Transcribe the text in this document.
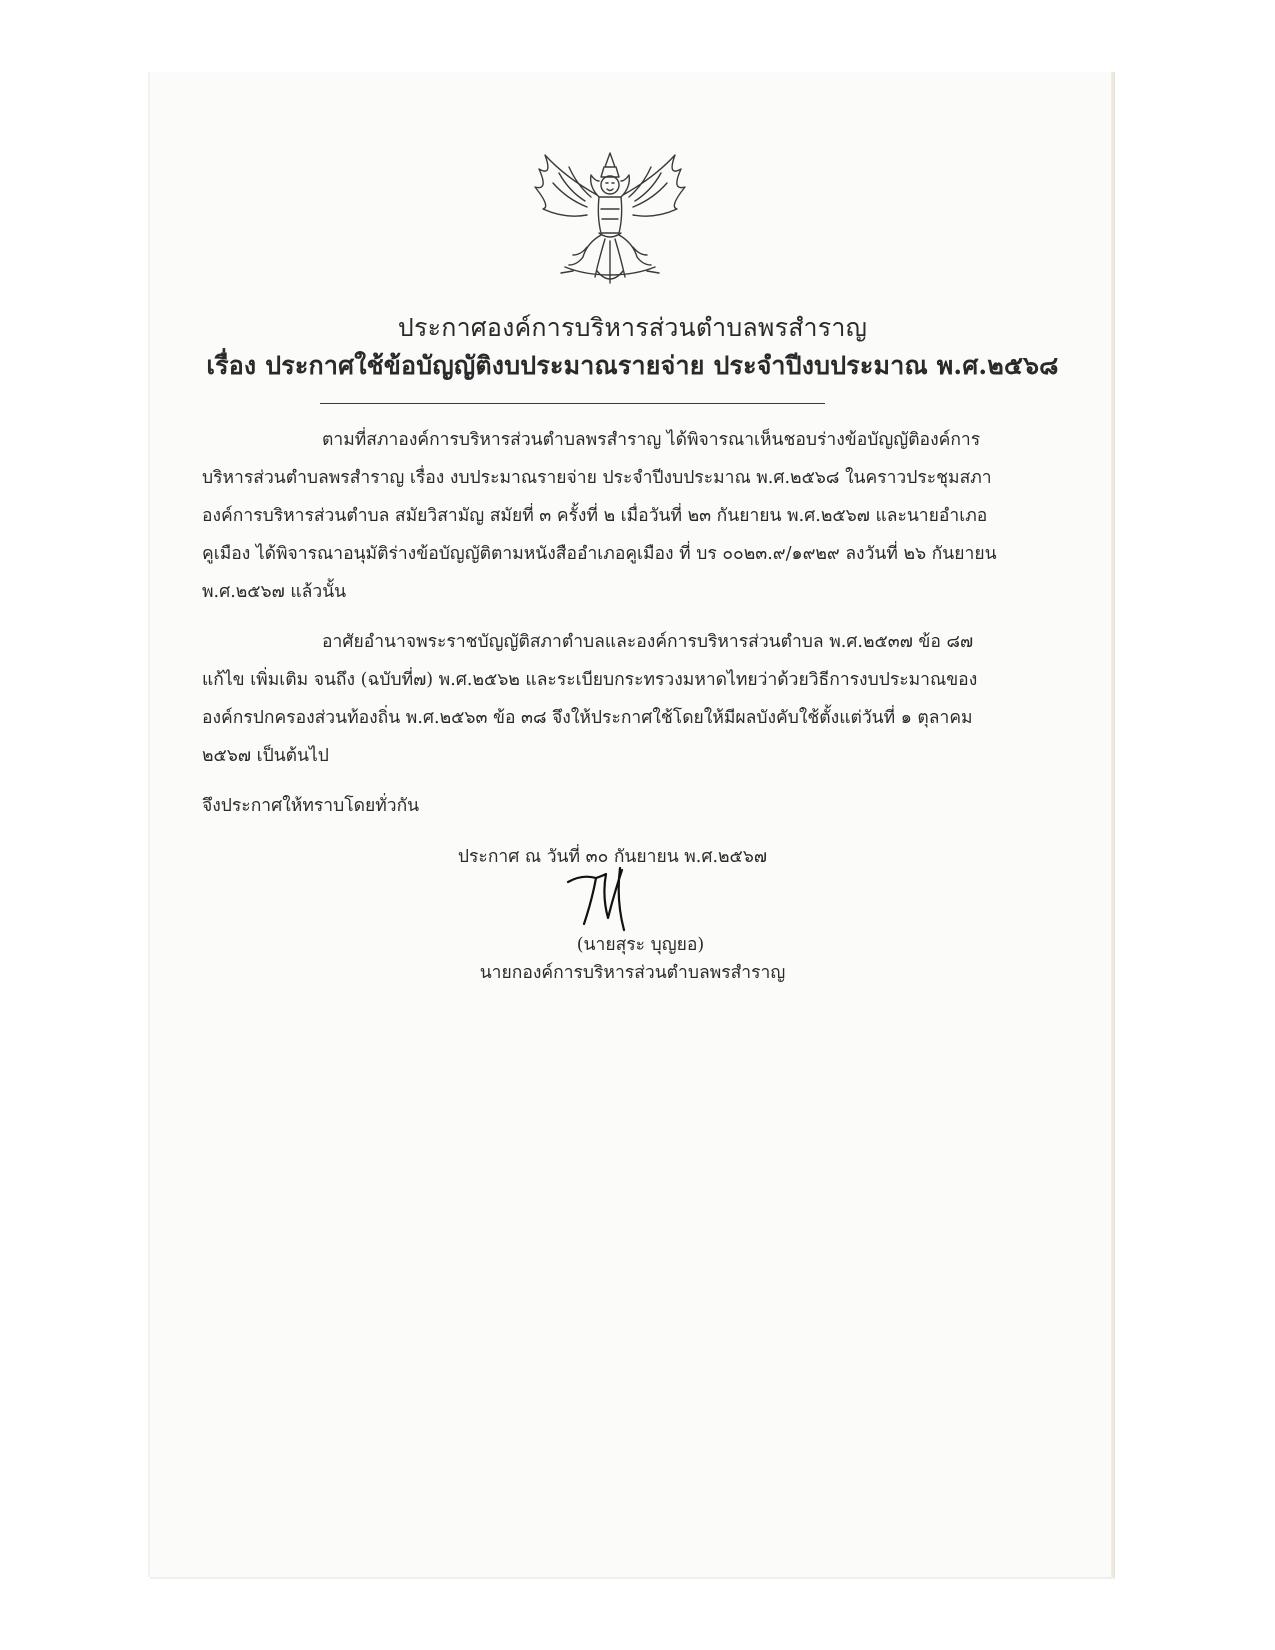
ประกาศองค์การบริหารส่วนตำบลพรสำราญ
เรื่อง ประกาศใช้ข้อบัญญัติงบประมาณรายจ่าย ประจำปีงบประมาณ พ.ศ.๒๕๖๘
ตามที่สภาองค์การบริหารส่วนตำบลพรสำราญ ได้พิจารณาเห็นชอบร่างข้อบัญญัติองค์การ
บริหารส่วนตำบลพรสำราญ เรื่อง งบประมาณรายจ่าย ประจำปีงบประมาณ พ.ศ.๒๕๖๘ ในคราวประชุมสภา
องค์การบริหารส่วนตำบล สมัยวิสามัญ สมัยที่ ๓ ครั้งที่ ๒ เมื่อวันที่ ๒๓ กันยายน พ.ศ.๒๕๖๗ และนายอำเภอ
คูเมือง ได้พิจารณาอนุมัติร่างข้อบัญญัติตามหนังสืออำเภอคูเมือง ที่ บร ๐๐๒๓.๙/๑๙๒๙ ลงวันที่ ๒๖ กันยายน
พ.ศ.๒๕๖๗ แล้วนั้น
อาศัยอำนาจพระราชบัญญัติสภาตำบลและองค์การบริหารส่วนตำบล พ.ศ.๒๕๓๗ ข้อ ๘๗
แก้ไข เพิ่มเติม จนถึง (ฉบับที่๗) พ.ศ.๒๕๖๒ และระเบียบกระทรวงมหาดไทยว่าด้วยวิธีการงบประมาณของ
องค์กรปกครองส่วนท้องถิ่น พ.ศ.๒๕๖๓ ข้อ ๓๘ จึงให้ประกาศใช้โดยให้มีผลบังคับใช้ตั้งแต่วันที่ ๑ ตุลาคม
๒๕๖๗ เป็นต้นไป
จึงประกาศให้ทราบโดยทั่วกัน
ประกาศ ณ วันที่ ๓๐ กันยายน พ.ศ.๒๕๖๗
(นายสุระ บุญยอ)
นายกองค์การบริหารส่วนตำบลพรสำราญ
